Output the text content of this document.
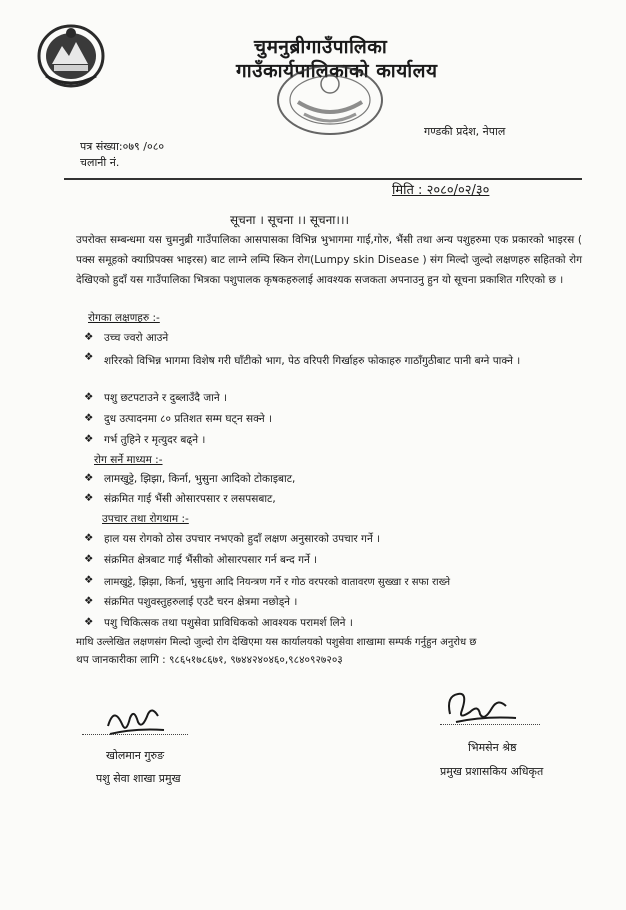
चुमनुब्रीगाउँपालिका
गाउँकार्यपालिकाको कार्यालय
गण्डकी प्रदेश, नेपाल
पत्र संख्या:०७९ /०८०
चलानी नं.
मिति : २०८०/०२/३०
सूचना । सूचना ।। सूचना।।।
उपरोक्त सम्बन्धमा यस चुमनुब्री गाउँपालिका आसपासका विभिन्न भुभागमा गाई,गोरु, भैंसी तथा अन्य पशुहरुमा एक प्रकारको भाइरस ( पक्स समूहको क्याप्रिपक्स भाइरस) बाट लाग्ने लम्पि स्किन रोग(Lumpy skin Disease ) संग मिल्दो जुल्दो लक्षणहरु सहितको रोग देखिएको हुदाँ यस गाउँपालिका भित्रका पशुपालक कृषकहरुलाई आवश्यक सजकता अपनाउनु हुन यो सूचना प्रकाशित गरिएको छ ।
रोगका लक्षणहरु :-
❖ उच्च ज्वरो आउने
❖ शरिरको विभिन्न भागमा विशेष गरी घाँटीको भाग, पेठ वरिपरी गिर्खाहरु फोकाहरु गाठाँगुठीबाट पानी बग्ने पाक्ने ।
❖ पशु छटपटाउने र दुब्लाउँदै जाने ।
❖ दुध उत्पादनमा ८० प्रतिशत सम्म घट्न सक्ने ।
❖ गर्भ तुहिने र मृत्युदर बढ्ने ।
रोग सर्ने माध्यम :-
❖ लामखुट्टे, झिझा, किर्ना, भुसुना आदिको टोकाइबाट,
❖ संक्रमित गाई भैंसी ओसारपसार र लसपसबाट,
उपचार तथा रोगथाम :-
❖ हाल यस रोगको ठोस उपचार नभएको हुदाँ लक्षण अनुसारको उपचार गर्ने ।
❖ संक्रमित क्षेत्रबाट गाई भैंसीको ओसारपसार गर्न बन्द गर्ने ।
❖ लामखुट्टे, झिझा, किर्ना, भुसुना आदि नियन्त्रण गर्ने र गोठ वरपरको वातावरण सुख्खा र सफा राख्ने
❖ संक्रमित पशुवस्तुहरुलाई एउटै चरन क्षेत्रमा नछोड्ने ।
❖ पशु चिकित्सक तथा पशुसेवा प्राविधिकको आवश्यक परामर्श लिने ।
माथि उल्लेखित लक्षणसंग मिल्दो जुल्दो रोग देखिएमा यस कार्यालयको पशुसेवा शाखामा सम्पर्क गर्नुहुन अनुरोध छ
थप जानकारीका लागि : ९८६५१७८६७१, ९७४४२४०४६०,९८४०९२७२०३
खोलमान गुरुङ
पशु सेवा शाखा प्रमुख
भिमसेन श्रेष्ठ
प्रमुख प्रशासकिय अधिकृत
